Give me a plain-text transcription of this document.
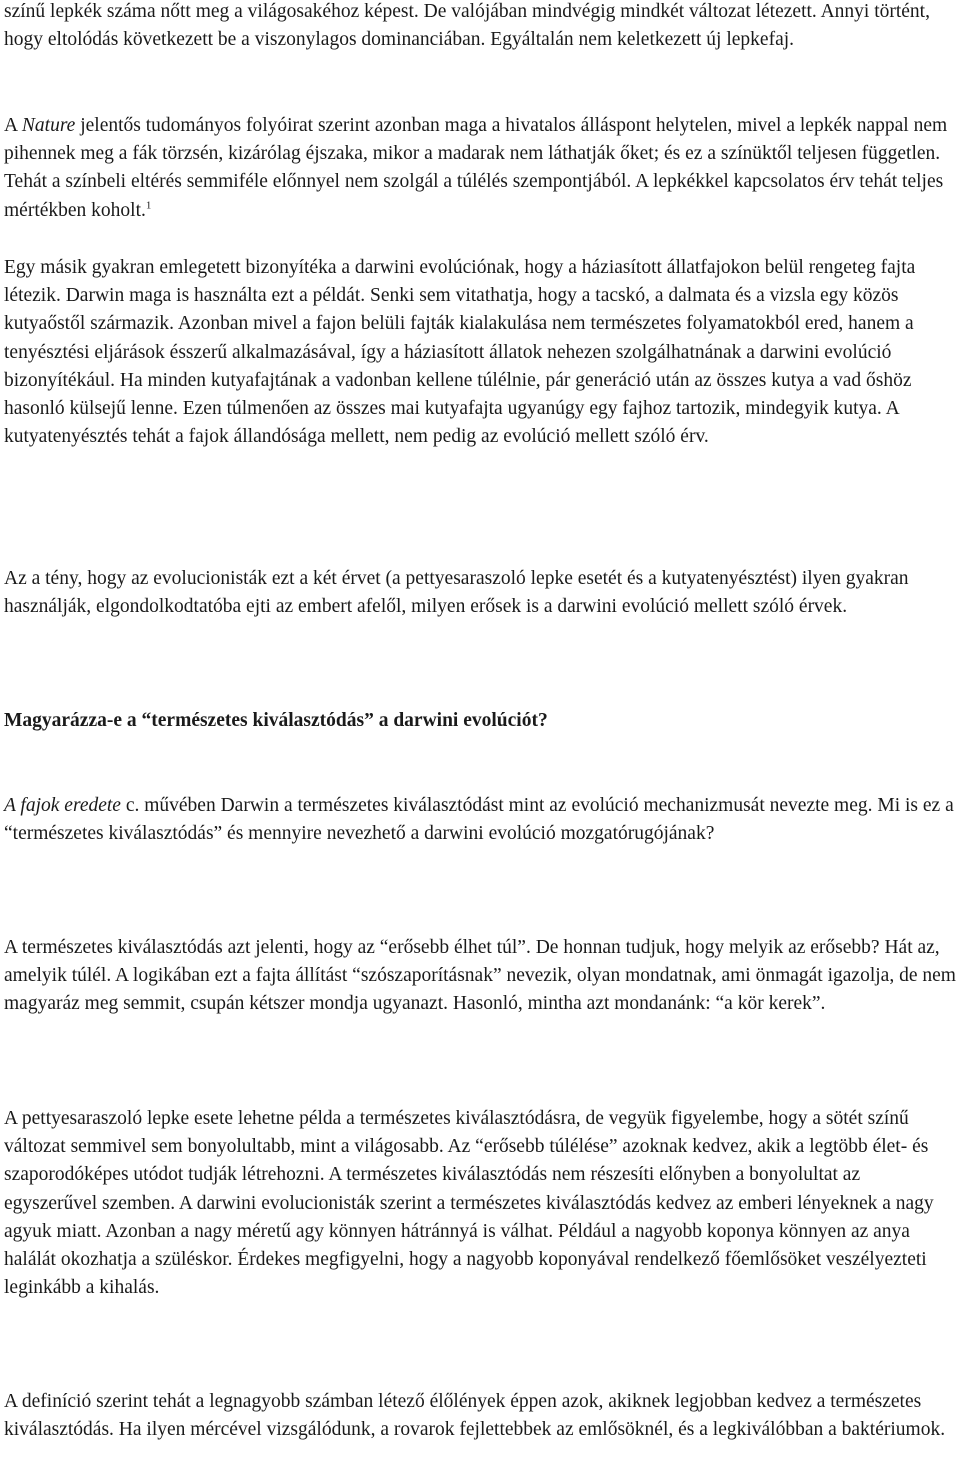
színű lepkék száma nőtt meg a világosakéhoz képest. De valójában mindvégig mindkét változat létezett. Annyi történt, hogy eltolódás következett be a viszonylagos dominanciában. Egyáltalán nem keletkezett új lepkefaj.

A Nature jelentős tudományos folyóirat szerint azonban maga a hivatalos álláspont helytelen, mivel a lepkék nappal nem pihennek meg a fák törzsén, kizárólag éjszaka, mikor a madarak nem láthatják őket; és ez a színüktől teljesen független. Tehát a színbeli eltérés semmiféle előnnyel nem szolgál a túlélés szempontjából. A lepkékkel kapcsolatos érv tehát teljes mértékben koholt.$^1$

Egy másik gyakran emlegetett bizonyítéka a darwini evolúciónak, hogy a háziasított állatfajokon belül rengeteg fajta létezik. Darwin maga is használta ezt a példát. Senki sem vitathatja, hogy a tacskó, a dalmata és a vizsla egy közös kutyaőstől származik. Azonban mivel a fajon belüli fajták kialakulása nem természetes folyamatokból ered, hanem a tenyésztési eljárások ésszerű alkalmazásával, így a háziasított állatok nehezen szolgálhatnának a darwini evolúció bizonyítékául. Ha minden kutyafajtának a vadonban kellene túlélnie, pár generáció után az összes kutya a vad őshöz hasonló külsejű lenne. Ezen túlmenően az összes mai kutyafajta ugyanúgy egy fajhoz tartozik, mindegyik kutya. A kutyatenyésztés tehát a fajok állandósága mellett, nem pedig az evolúció mellett szóló érv.

Az a tény, hogy az evolucionisták ezt a két érvet (a pettyesaraszoló lepke esetét és a kutyatenyésztést) ilyen gyakran használják, elgondolkodtatóba ejti az embert afelől, milyen erősek is a darwini evolúció mellett szóló érvek.

Magyarázza-e a “természetes kiválasztódás” a darwini evolúciót?

A fajok eredete c. művében Darwin a természetes kiválasztódást mint az evolúció mechanizmusát nevezte meg. Mi is ez a “természetes kiválasztódás” és mennyire nevezhető a darwini evolúció mozgatórugójának?

A természetes kiválasztódás azt jelenti, hogy az “erősebb élhet túl”. De honnan tudjuk, hogy melyik az erősebb? Hát az, amelyik túlél. A logikában ezt a fajta állítást “szószaporításnak” nevezik, olyan mondatnak, ami önmagát igazolja, de nem magyaráz meg semmit, csupán kétszer mondja ugyanazt. Hasonló, mintha azt mondanánk: “a kör kerek”.

A pettyesaraszoló lepke esete lehetne példa a természetes kiválasztódásra, de vegyük figyelembe, hogy a sötét színű változat semmivel sem bonyolultabb, mint a világosabb. Az “erősebb túlélése” azoknak kedvez, akik a legtöbb élet- és szaporodóképes utódot tudják létrehozni. A természetes kiválasztódás nem részesíti előnyben a bonyolultat az egyszerűvel szemben. A darwini evolucionisták szerint a természetes kiválasztódás kedvez az emberi lényeknek a nagy agyuk miatt. Azonban a nagy méretű agy könnyen hátránnyá is válhat. Például a nagyobb koponya könnyen az anya halálát okozhatja a szüléskor. Érdekes megfigyelni, hogy a nagyobb koponyával rendelkező főemlősöket veszélyezteti leginkább a kihalás.

A definíció szerint tehát a legnagyobb számban létező élőlények éppen azok, akiknek legjobban kedvez a természetes kiválasztódás. Ha ilyen mércével vizsgálódunk, a rovarok fejlettebbek az emlősöknél, és a legkiválóbban a baktériumok.
